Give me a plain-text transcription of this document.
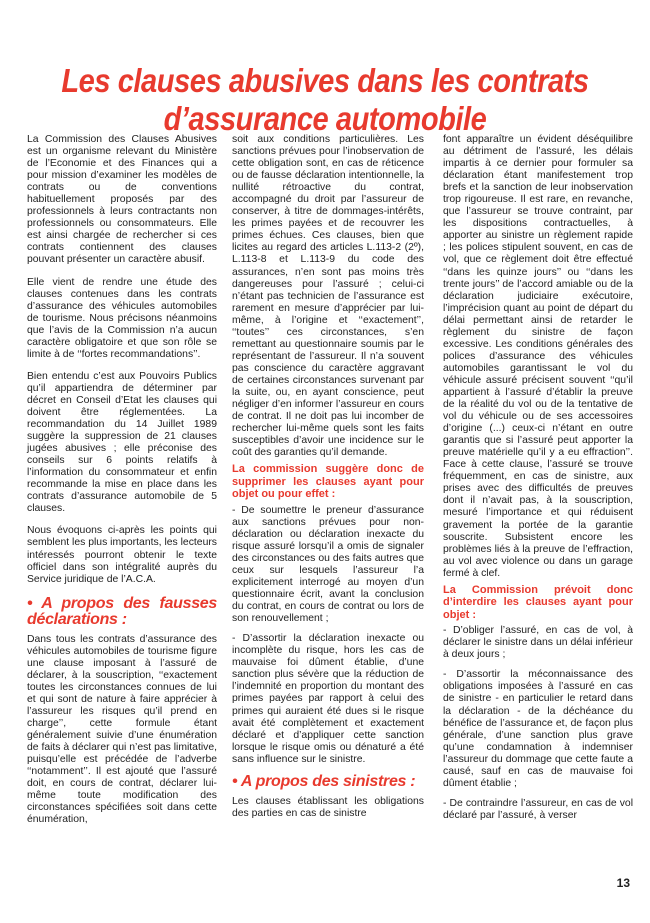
Les clauses abusives dans les contrats
d’assurance automobile

La Commission des Clauses Abusives est un organisme relevant du Ministère de l’Economie et des Finances qui a pour mission d’examiner les modèles de contrats ou de conventions habituellement proposés par des professionnels à leurs contractants non professionnels ou consommateurs. Elle est ainsi chargée de rechercher si ces contrats contiennent des clauses pouvant présenter un caractère abusif.

Elle vient de rendre une étude des clauses contenues dans les contrats d’assurance des véhicules automobiles de tourisme. Nous précisons néanmoins que l’avis de la Commission n’a aucun caractère obligatoire et que son rôle se limite à de ‘‘fortes recommandations’’.

Bien entendu c’est aux Pouvoirs Publics qu’il appartiendra de déterminer par décret en Conseil d’Etat les clauses qui doivent être réglementées. La recommandation du 14 Juillet 1989 suggère la suppression de 21 clauses jugées abusives ; elle préconise des conseils sur 6 points relatifs à l’information du consommateur et enfin recommande la mise en place dans les contrats d’assurance automobile de 5 clauses.

Nous évoquons ci-après les points qui semblent les plus importants, les lecteurs intéressés pourront obtenir le texte officiel dans son intégralité auprès du Service juridique de l’A.C.A.

• A propos des fausses déclarations :

Dans tous les contrats d’assurance des véhicules automobiles de tourisme figure une clause imposant à l’assuré de déclarer, à la souscription, ‘‘exactement toutes les circonstances connues de lui et qui sont de nature à faire apprécier à l’assureur les risques qu’il prend en charge’’, cette formule étant généralement suivie d’une énumération de faits à déclarer qui n’est pas limitative, puisqu’elle est précédée de l’adverbe ‘‘notamment’’. Il est ajouté que l’assuré doit, en cours de contrat, déclarer lui-même toute modification des circonstances spécifiées soit dans cette énumération,

soit aux conditions particulières. Les sanctions prévues pour l’inobservation de cette obligation sont, en cas de réticence ou de fausse déclaration intentionnelle, la nullité rétroactive du contrat, accompagné du droit par l’assureur de conserver, à titre de dommages-intérêts, les primes payées et de recouvrer les primes échues. Ces clauses, bien que licites au regard des articles L.113-2 (2º), L.113-8 et L.113-9 du code des assurances, n’en sont pas moins très dangereuses pour l’assuré ; celui-ci n’étant pas technicien de l’assurance est rarement en mesure d’apprécier par lui-même, à l’origine et ‘‘exactement’’, ‘‘toutes’’ ces circonstances, s’en remettant au questionnaire soumis par le représentant de l’assureur. Il n’a souvent pas conscience du caractère aggravant de certaines circonstances survenant par la suite, ou, en ayant conscience, peut négliger d’en informer l’assureur en cours de contrat. Il ne doit pas lui incomber de rechercher lui-même quels sont les faits susceptibles d’avoir une incidence sur le coût des garanties qu’il demande.

La commission suggère donc de supprimer les clauses ayant pour objet ou pour effet :

- De soumettre le preneur d’assurance aux sanctions prévues pour non-déclaration ou déclaration inexacte du risque assuré lorsqu’il a omis de signaler des circonstances ou des faits autres que ceux sur lesquels l’assureur l’a explicitement interrogé au moyen d’un questionnaire écrit, avant la conclusion du contrat, en cours de contrat ou lors de son renouvellement ;

- D’assortir la déclaration inexacte ou incomplète du risque, hors les cas de mauvaise foi dûment établie, d’une sanction plus sévère que la réduction de l’indemnité en proportion du montant des primes payées par rapport à celui des primes qui auraient été dues si le risque avait été complètement et exactement déclaré et d’appliquer cette sanction lorsque le risque omis ou dénaturé a été sans influence sur le sinistre.

• A propos des sinistres :

Les clauses établissant les obligations des parties en cas de sinistre

font apparaître un évident déséquilibre au détriment de l’assuré, les délais impartis à ce dernier pour formuler sa déclaration étant manifestement trop brefs et la sanction de leur inobservation trop rigoureuse. Il est rare, en revanche, que l’assureur se trouve contraint, par les dispositions contractuelles, à apporter au sinistre un règlement rapide ; les polices stipulent souvent, en cas de vol, que ce règlement doit être effectué ‘‘dans les quinze jours’’ ou ‘‘dans les trente jours’’ de l’accord amiable ou de la déclaration judiciaire exécutoire, l’imprécision quant au point de départ du délai permettant ainsi de retarder le règlement du sinistre de façon excessive. Les conditions générales des polices d’assurance des véhicules automobiles garantissant le vol du véhicule assuré précisent souvent ‘‘qu’il appartient à l’assuré d’établir la preuve de la réalité du vol ou de la tentative de vol du véhicule ou de ses accessoires d’origine (...) ceux-ci n’étant en outre garantis que si l’assuré peut apporter la preuve matérielle qu’il y a eu effraction’’. Face à cette clause, l’assuré se trouve fréquemment, en cas de sinistre, aux prises avec des difficultés de preuves dont il n’avait pas, à la souscription, mesuré l’importance et qui réduisent gravement la portée de la garantie souscrite. Subsistent encore les problèmes liés à la preuve de l’effraction, au vol avec violence ou dans un garage fermé à clef.

La Commission prévoit donc d’interdire les clauses ayant pour objet :

- D’obliger l’assuré, en cas de vol, à déclarer le sinistre dans un délai inférieur à deux jours ;

- D’assortir la méconnaissance des obligations imposées à l’assuré en cas de sinistre - en particulier le retard dans la déclaration - de la déchéance du bénéfice de l’assurance et, de façon plus générale, d’une sanction plus grave qu’une condamnation à indemniser l’assureur du dommage que cette faute a causé, sauf en cas de mauvaise foi dûment établie ;

- De contraindre l’assureur, en cas de vol déclaré par l’assuré, à verser

13
